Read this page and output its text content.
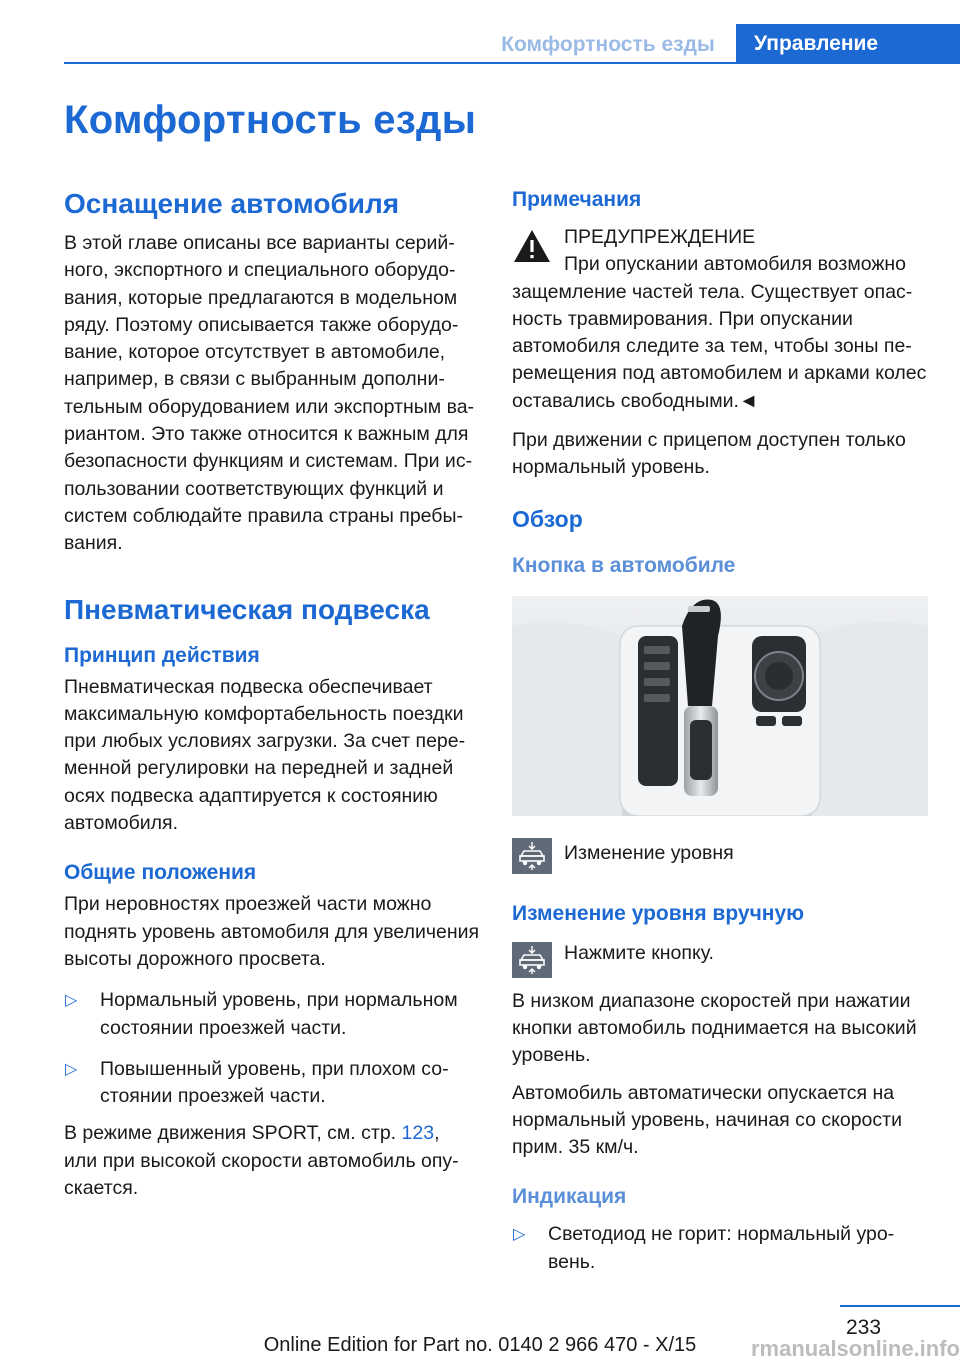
Комфортность езды	Управление
Комфортность езды
Оснащение автомобиля
В этой главе описаны все варианты серий-
ного, экспортного и специального оборудо-
вания, которые предлагаются в модельном
ряду. Поэтому описывается также оборудо-
вание, которое отсутствует в автомобиле,
например, в связи с выбранным дополни-
тельным оборудованием или экспортным ва-
риантом. Это также относится к важным для
безопасности функциям и системам. При ис-
пользовании соответствующих функций и
систем соблюдайте правила страны пребы-
вания.
Пневматическая подвеска
Принцип действия
Пневматическая подвеска обеспечивает
максимальную комфортабельность поездки
при любых условиях загрузки. За счет пере-
менной регулировки на передней и задней
осях подвеска адаптируется к состоянию
автомобиля.
Общие положения
При неровностях проезжей части можно
поднять уровень автомобиля для увеличения
высоты дорожного просвета.
▷ Нормальный уровень, при нормальном
состоянии проезжей части.
▷ Повышенный уровень, при плохом со-
стоянии проезжей части.
В режиме движения SPORT, см. стр. 123,
или при высокой скорости автомобиль опу-
скается.
Примечания
ПРЕДУПРЕЖДЕНИЕ
При опускании автомобиля возможно
защемление частей тела. Существует опас-
ность травмирования. При опускании
автомобиля следите за тем, чтобы зоны пе-
ремещения под автомобилем и арками колес
оставались свободными.◄
При движении с прицепом доступен только
нормальный уровень.
Обзор
Кнопка в автомобиле
Изменение уровня
Изменение уровня вручную
Нажмите кнопку.
В низком диапазоне скоростей при нажатии
кнопки автомобиль поднимается на высокий
уровень.
Автомобиль автоматически опускается на
нормальный уровень, начиная со скорости
прим. 35 км/ч.
Индикация
▷ Светодиод не горит: нормальный уро-
вень.
233
Online Edition for Part no. 0140 2 966 470 - X/15	rmanualsonline.info
